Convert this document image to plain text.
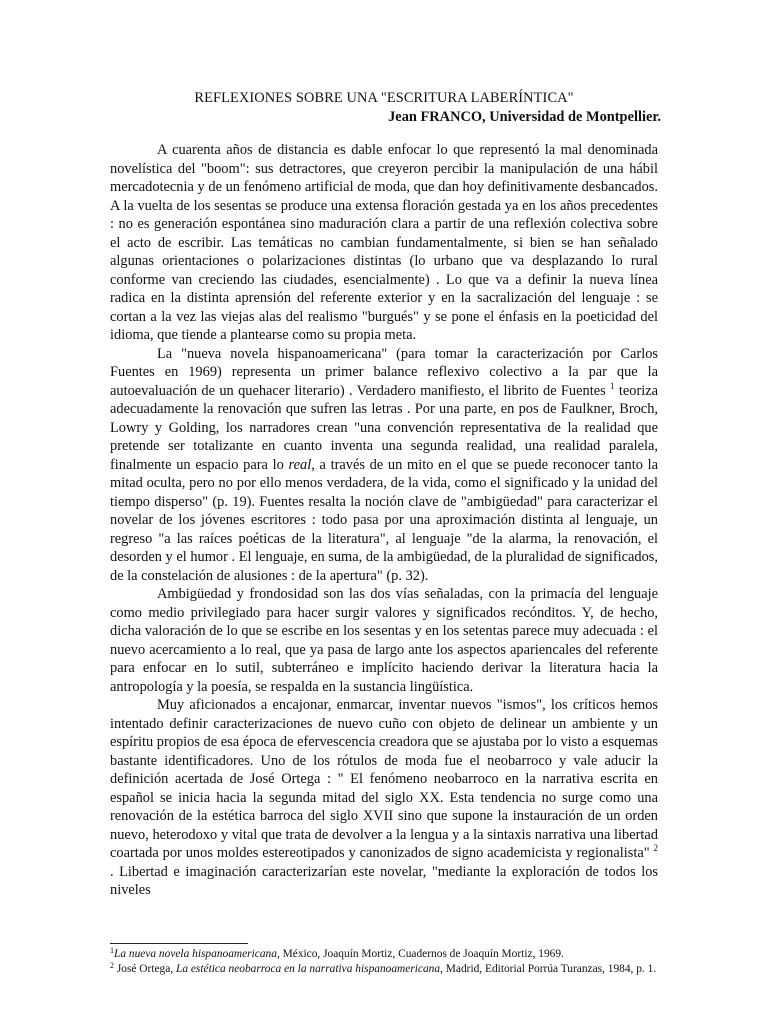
REFLEXIONES SOBRE UNA "ESCRITURA LABERÍNTICA"
Jean FRANCO, Universidad de Montpellier.

A cuarenta años de distancia es dable enfocar lo que representó la mal denominada novelística del "boom": sus detractores, que creyeron percibir la manipulación de una hábil mercadotecnia y de un fenómeno artificial de moda, que dan hoy definitivamente desbancados. A la vuelta de los sesentas se produce una extensa floración gestada ya en los años precedentes : no es generación espontánea sino maduración clara a partir de una reflexión colectiva sobre el acto de escribir. Las temáticas no cambian fundamentalmente, si bien se han señalado algunas orientaciones o polarizaciones distintas (lo urbano que va desplazando lo rural conforme van creciendo las ciudades, esencialmente) . Lo que va a definir la nueva línea radica en la distinta aprensión del referente exterior y en la sacralización del lenguaje : se cortan a la vez las viejas alas del realismo "burgués" y se pone el énfasis en la poeticidad del idioma, que tiende a plantearse como su propia meta.

La "nueva novela hispanoamericana" (para tomar la caracterización por Carlos Fuentes en 1969) representa un primer balance reflexivo colectivo a la par que la autoevaluación de un quehacer literario) . Verdadero manifiesto, el librito de Fuentes $^1$ teoriza adecuadamente la renovación que sufren las letras . Por una parte, en pos de Faulkner, Broch, Lowry y Golding, los narradores crean "una convención representativa de la realidad que pretende ser totalizante en cuanto inventa una segunda realidad, una realidad paralela, finalmente un espacio para lo real, a través de un mito en el que se puede reconocer tanto la mitad oculta, pero no por ello menos verdadera, de la vida, como el significado y la unidad del tiempo disperso" (p. 19). Fuentes resalta la noción clave de "ambigüedad" para caracterizar el novelar de los jóvenes escritores : todo pasa por una aproximación distinta al lenguaje, un regreso "a las raíces poéticas de la literatura", al lenguaje "de la alarma, la renovación, el desorden y el humor . El lenguaje, en suma, de la ambigüedad, de la pluralidad de significados, de la constelación de alusiones : de la apertura" (p. 32).

Ambigüedad y frondosidad son las dos vías señaladas, con la primacía del lenguaje como medio privilegiado para hacer surgir valores y significados recónditos. Y, de hecho, dicha valoración de lo que se escribe en los sesentas y en los setentas parece muy adecuada : el nuevo acercamiento a lo real, que ya pasa de largo ante los aspectos apariencales del referente para enfocar en lo sutil, subterráneo e implícito haciendo derivar la literatura hacia la antropología y la poesía, se respalda en la sustancia lingüística.

Muy aficionados a encajonar, enmarcar, inventar nuevos "ismos", los críticos hemos intentado definir caracterizaciones de nuevo cuño con objeto de delinear un ambiente y un espíritu propios de esa época de efervescencia creadora que se ajustaba por lo visto a esquemas bastante identificadores. Uno de los rótulos de moda fue el neobarroco y vale aducir la definición acertada de José Ortega : " El fenómeno neobarroco en la narrativa escrita en español se inicia hacia la segunda mitad del siglo XX. Esta tendencia no surge como una renovación de la estética barroca del siglo XVII sino que supone la instauración de un orden nuevo, heterodoxo y vital que trata de devolver a la lengua y a la sintaxis narrativa una libertad coartada por unos moldes estereotipados y canonizados de signo academicista y regionalista" $^2$ . Libertad e imaginación caracterizarían este novelar, "mediante la exploración de todos los niveles

$^1$La nueva novela hispanoamericana, México, Joaquín Mortiz, Cuadernos de Joaquín Mortiz, 1969.

$^2$ José Ortega, La estética neobarroca en la narrativa hispanoamericana, Madrid, Editorial Porrúa Turanzas, 1984, p. 1.
